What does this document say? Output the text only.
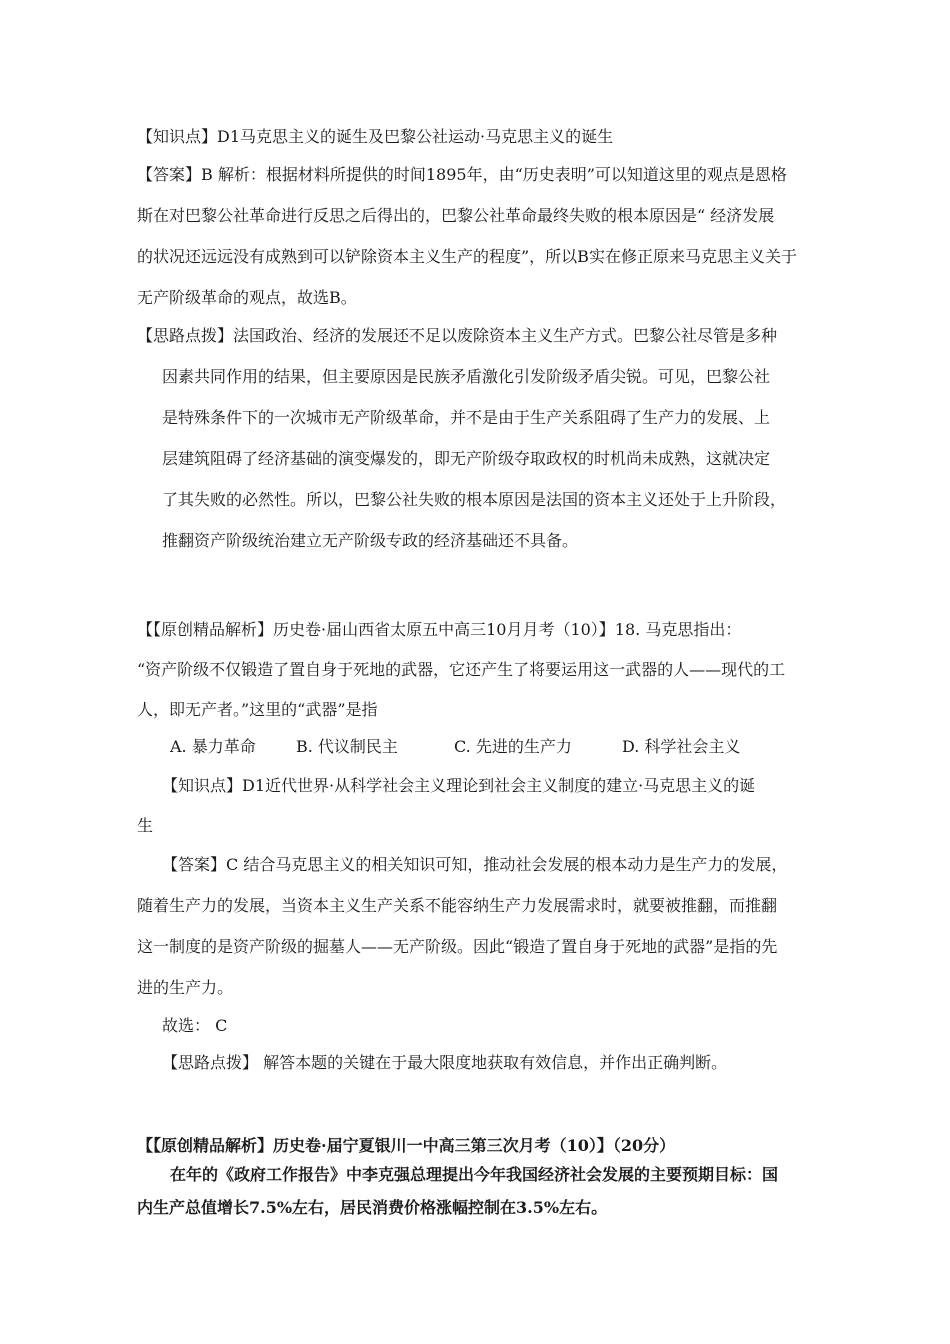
【知识点】D1马克思主义的诞生及巴黎公社运动·马克思主义的诞生
【答案】B 解析：根据材料所提供的时间1895年，由“历史表明”可以知道这里的观点是恩格
斯在对巴黎公社革命进行反思之后得出的，巴黎公社革命最终失败的根本原因是“ 经济发展
的状况还远远没有成熟到可以铲除资本主义生产的程度”，所以B实在修正原来马克思主义关于
无产阶级革命的观点，故选B。
【思路点拨】法国政治、经济的发展还不足以废除资本主义生产方式。巴黎公社尽管是多种
因素共同作用的结果，但主要原因是民族矛盾激化引发阶级矛盾尖锐。可见，巴黎公社
是特殊条件下的一次城市无产阶级革命，并不是由于生产关系阻碍了生产力的发展、上
层建筑阻碍了经济基础的演变爆发的，即无产阶级夺取政权的时机尚未成熟，这就决定
了其失败的必然性。所以，巴黎公社失败的根本原因是法国的资本主义还处于上升阶段，
推翻资产阶级统治建立无产阶级专政的经济基础还不具备。
【【原创精品解析】历史卷·届山西省太原五中高三10月月考（10）】18. 马克思指出：
“资产阶级不仅锻造了置自身于死地的武器，它还产生了将要运用这一武器的人——现代的工
人，即无产者。”这里的“武器”是指
A. 暴力革命	B. 代议制民主	C. 先进的生产力	D. 科学社会主义
【知识点】D1近代世界·从科学社会主义理论到社会主义制度的建立·马克思主义的诞
生
【答案】C 结合马克思主义的相关知识可知，推动社会发展的根本动力是生产力的发展，
随着生产力的发展，当资本主义生产关系不能容纳生产力发展需求时，就要被推翻，而推翻
这一制度的是资产阶级的掘墓人——无产阶级。因此“锻造了置自身于死地的武器”是指的先
进的生产力。
故选： C
【思路点拨】 解答本题的关键在于最大限度地获取有效信息，并作出正确判断。
【【原创精品解析】历史卷·届宁夏银川一中高三第三次月考（10）】（20分）
在年的《政府工作报告》中李克强总理提出今年我国经济社会发展的主要预期目标：国
内生产总值增长7.5%左右，居民消费价格涨幅控制在3.5%左右。
